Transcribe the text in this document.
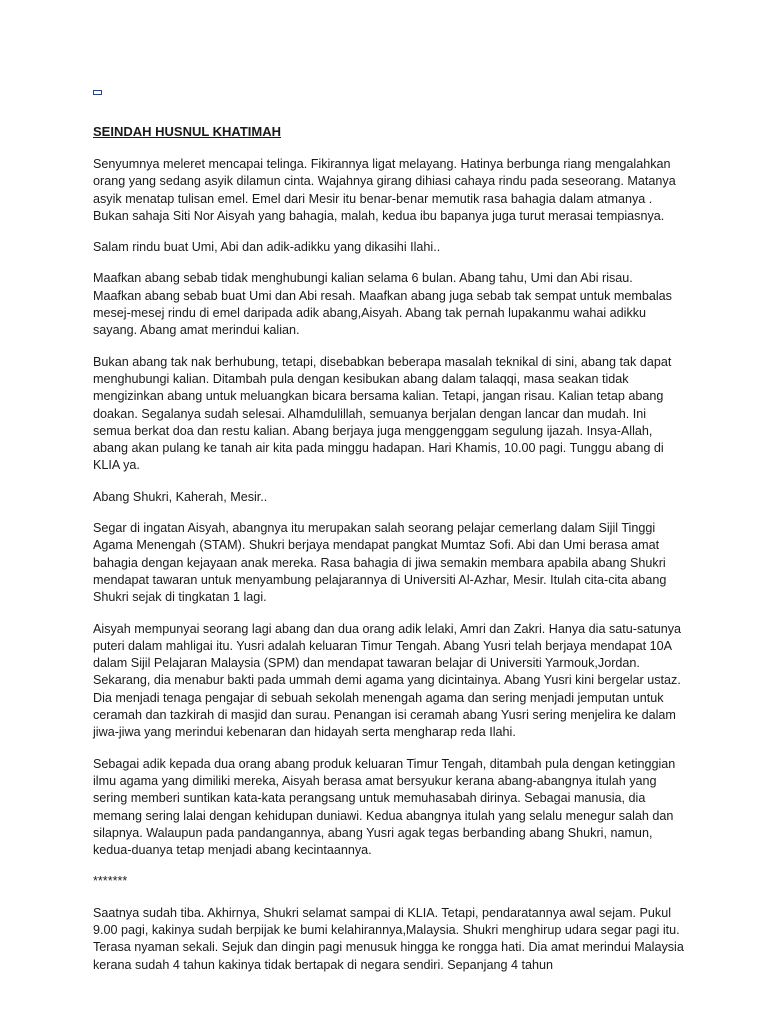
SEINDAH HUSNUL KHATIMAH

Senyumnya meleret mencapai telinga. Fikirannya ligat melayang. Hatinya berbunga riang mengalahkan orang yang sedang asyik dilamun cinta. Wajahnya girang dihiasi cahaya rindu pada seseorang. Matanya asyik menatap tulisan emel. Emel dari Mesir itu benar-benar memutik rasa bahagia dalam atmanya . Bukan sahaja Siti Nor Aisyah yang bahagia, malah, kedua ibu bapanya juga turut merasai tempiasnya.

Salam rindu buat Umi, Abi dan adik-adikku yang dikasihi Ilahi..

Maafkan abang sebab tidak menghubungi kalian selama 6 bulan. Abang tahu, Umi dan Abi risau. Maafkan abang sebab buat Umi dan Abi resah. Maafkan abang juga sebab tak sempat untuk membalas mesej-mesej rindu di emel daripada adik abang,Aisyah. Abang tak pernah lupakanmu wahai adikku sayang. Abang amat merindui kalian.

Bukan abang tak nak berhubung, tetapi, disebabkan beberapa masalah teknikal di sini, abang tak dapat menghubungi kalian. Ditambah pula dengan kesibukan abang dalam talaqqi, masa seakan tidak mengizinkan abang untuk meluangkan bicara bersama kalian. Tetapi, jangan risau. Kalian tetap abang doakan. Segalanya sudah selesai. Alhamdulillah, semuanya berjalan dengan lancar dan mudah. Ini semua berkat doa dan restu kalian. Abang berjaya juga menggenggam segulung ijazah. Insya-Allah, abang akan pulang ke tanah air kita pada minggu hadapan. Hari Khamis, 10.00 pagi. Tunggu abang di KLIA ya.

Abang Shukri, Kaherah, Mesir..

Segar di ingatan Aisyah, abangnya itu merupakan salah seorang pelajar cemerlang dalam Sijil Tinggi Agama Menengah (STAM). Shukri berjaya mendapat pangkat Mumtaz Sofi. Abi dan Umi berasa amat bahagia dengan kejayaan anak mereka. Rasa bahagia di jiwa semakin membara apabila abang Shukri mendapat tawaran untuk menyambung pelajarannya di Universiti Al-Azhar, Mesir. Itulah cita-cita abang Shukri sejak di tingkatan 1 lagi.

Aisyah mempunyai seorang lagi abang dan dua orang adik lelaki, Amri dan Zakri. Hanya dia satu-satunya puteri dalam mahligai itu. Yusri adalah keluaran Timur Tengah. Abang Yusri telah berjaya mendapat 10A dalam Sijil Pelajaran Malaysia (SPM) dan mendapat tawaran belajar di Universiti Yarmouk,Jordan. Sekarang, dia menabur bakti pada ummah demi agama yang dicintainya. Abang Yusri kini bergelar ustaz. Dia menjadi tenaga pengajar di sebuah sekolah menengah agama dan sering menjadi jemputan untuk ceramah dan tazkirah di masjid dan surau. Penangan isi ceramah abang Yusri sering menjelira ke dalam jiwa-jiwa yang merindui kebenaran dan hidayah serta mengharap reda Ilahi.

Sebagai adik kepada dua orang abang produk keluaran Timur Tengah, ditambah pula dengan ketinggian ilmu agama yang dimiliki mereka, Aisyah berasa amat bersyukur kerana abang-abangnya itulah yang sering memberi suntikan kata-kata perangsang untuk memuhasabah dirinya. Sebagai manusia, dia memang sering lalai dengan kehidupan duniawi. Kedua abangnya itulah yang selalu menegur salah dan silapnya. Walaupun pada pandangannya, abang Yusri agak tegas berbanding abang Shukri, namun, kedua-duanya tetap menjadi abang kecintaannya.

*******

Saatnya sudah tiba. Akhirnya, Shukri selamat sampai di KLIA. Tetapi, pendaratannya awal sejam. Pukul 9.00 pagi, kakinya sudah berpijak ke bumi kelahirannya,Malaysia. Shukri menghirup udara segar pagi itu. Terasa nyaman sekali. Sejuk dan dingin pagi menusuk hingga ke rongga hati. Dia amat merindui Malaysia kerana sudah 4 tahun kakinya tidak bertapak di negara sendiri. Sepanjang 4 tahun
